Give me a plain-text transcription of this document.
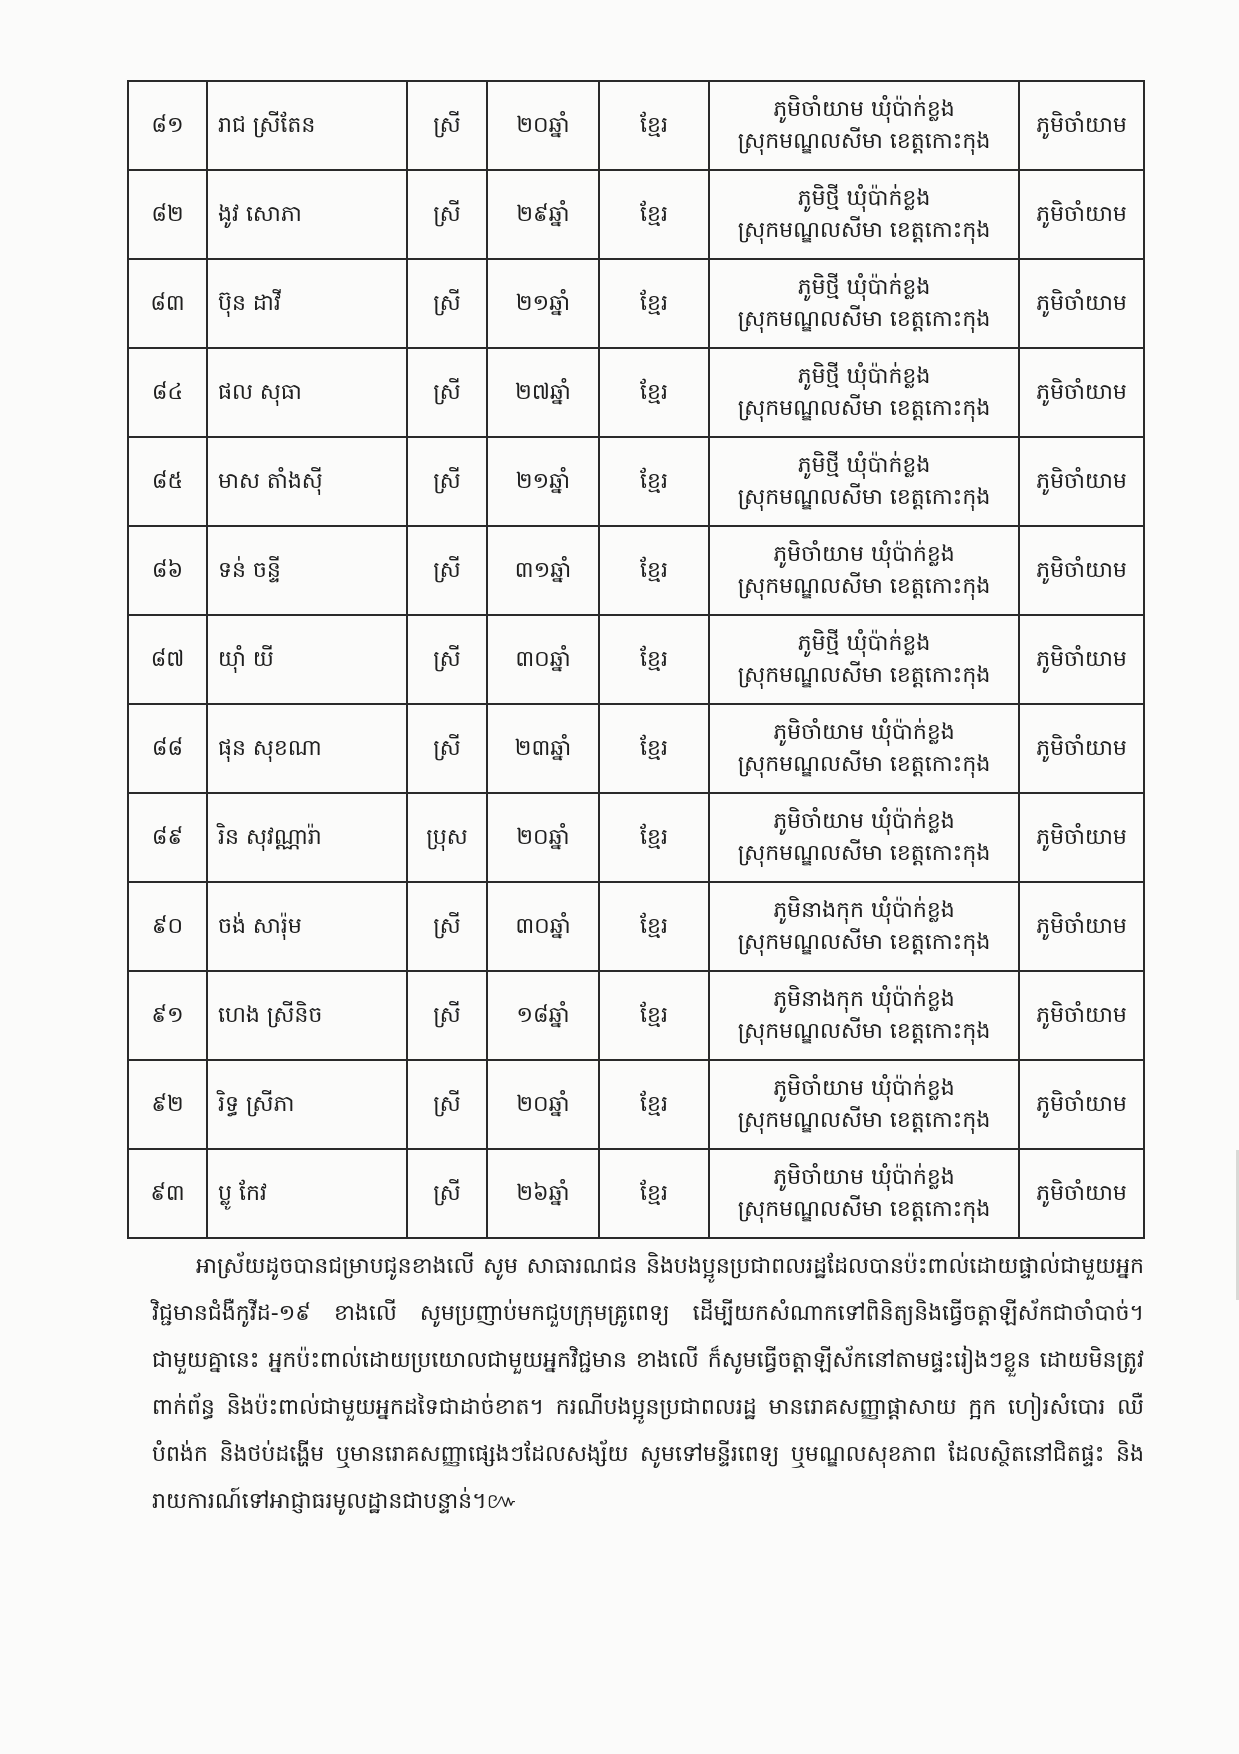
៨១	រាជ ស្រីតែន	ស្រី	២០ឆ្នាំ	ខ្មែរ	ភូមិចាំយាម ឃុំប៉ាក់ខ្លង
ស្រុកមណ្ឌលសីមា ខេត្តកោះកុង	ភូមិចាំយាម
៨២	ងូវ សោភា	ស្រី	២៩ឆ្នាំ	ខ្មែរ	ភូមិថ្មី ឃុំប៉ាក់ខ្លង
ស្រុកមណ្ឌលសីមា ខេត្តកោះកុង	ភូមិចាំយាម
៨៣	ប៊ុន ដាវី	ស្រី	២១ឆ្នាំ	ខ្មែរ	ភូមិថ្មី ឃុំប៉ាក់ខ្លង
ស្រុកមណ្ឌលសីមា ខេត្តកោះកុង	ភូមិចាំយាម
៨៤	ផល សុធា	ស្រី	២៧ឆ្នាំ	ខ្មែរ	ភូមិថ្មី ឃុំប៉ាក់ខ្លង
ស្រុកមណ្ឌលសីមា ខេត្តកោះកុង	ភូមិចាំយាម
៨៥	មាស តាំងស៊ី	ស្រី	២១ឆ្នាំ	ខ្មែរ	ភូមិថ្មី ឃុំប៉ាក់ខ្លង
ស្រុកមណ្ឌលសីមា ខេត្តកោះកុង	ភូមិចាំយាម
៨៦	ទន់ ចន្ទី	ស្រី	៣១ឆ្នាំ	ខ្មែរ	ភូមិចាំយាម ឃុំប៉ាក់ខ្លង
ស្រុកមណ្ឌលសីមា ខេត្តកោះកុង	ភូមិចាំយាម
៨៧	យ៉ាំ យី	ស្រី	៣០ឆ្នាំ	ខ្មែរ	ភូមិថ្មី ឃុំប៉ាក់ខ្លង
ស្រុកមណ្ឌលសីមា ខេត្តកោះកុង	ភូមិចាំយាម
៨៨	ផុន សុខណា	ស្រី	២៣ឆ្នាំ	ខ្មែរ	ភូមិចាំយាម ឃុំប៉ាក់ខ្លង
ស្រុកមណ្ឌលសីមា ខេត្តកោះកុង	ភូមិចាំយាម
៨៩	រិន សុវណ្ណារ៉ា	ប្រុស	២០ឆ្នាំ	ខ្មែរ	ភូមិចាំយាម ឃុំប៉ាក់ខ្លង
ស្រុកមណ្ឌលសីមា ខេត្តកោះកុង	ភូមិចាំយាម
៩០	ចង់ សារ៉ុម	ស្រី	៣០ឆ្នាំ	ខ្មែរ	ភូមិនាងកុក ឃុំប៉ាក់ខ្លង
ស្រុកមណ្ឌលសីមា ខេត្តកោះកុង	ភូមិចាំយាម
៩១	ហេង ស្រីនិច	ស្រី	១៨ឆ្នាំ	ខ្មែរ	ភូមិនាងកុក ឃុំប៉ាក់ខ្លង
ស្រុកមណ្ឌលសីមា ខេត្តកោះកុង	ភូមិចាំយាម
៩២	រិទ្ធ ស្រីភា	ស្រី	២០ឆ្នាំ	ខ្មែរ	ភូមិចាំយាម ឃុំប៉ាក់ខ្លង
ស្រុកមណ្ឌលសីមា ខេត្តកោះកុង	ភូមិចាំយាម
៩៣	ប្លូ កែវ	ស្រី	២៦ឆ្នាំ	ខ្មែរ	ភូមិចាំយាម ឃុំប៉ាក់ខ្លង
ស្រុកមណ្ឌលសីមា ខេត្តកោះកុង	ភូមិចាំយាម

អាស្រ័យដូចបានជម្រាបជូនខាងលើ សូម សាធារណជន និងបងប្អូនប្រជាពលរដ្ឋដែលបានប៉ះពាល់ដោយផ្ទាល់ជាមួយអ្នកវិជ្ជមានជំងឺកូវីដ-១៩ ខាងលើ សូមប្រញាប់មកជួបក្រុមគ្រូពេទ្យ ដើម្បីយកសំណាកទៅពិនិត្យនិងធ្វើចត្តាឡីស័កជាចាំបាច់។ ជាមួយគ្នានេះ អ្នកប៉ះពាល់ដោយប្រយោលជាមួយអ្នកវិជ្ជមាន ខាងលើ ក៏សូមធ្វើចត្តាឡីស័កនៅតាមផ្ទះរៀងៗខ្លួន ដោយមិនត្រូវពាក់ព័ន្ធ និងប៉ះពាល់ជាមួយអ្នកដទៃជាដាច់ខាត។ ករណីបងប្អូនប្រជាពលរដ្ឋ មានរោគសញ្ញាផ្តាសាយ ក្អក ហៀរសំបោរ ឈឺបំពង់ក និងថប់ដង្ហើម ឬមានរោគសញ្ញាផ្សេងៗដែលសង្ស័យ សូមទៅមន្ទីរពេទ្យ ឬមណ្ឌលសុខភាព ដែលស្ថិតនៅជិតផ្ទះ និងរាយការណ៍ទៅអាជ្ញាធរមូលដ្ឋានជាបន្ទាន់។៚
